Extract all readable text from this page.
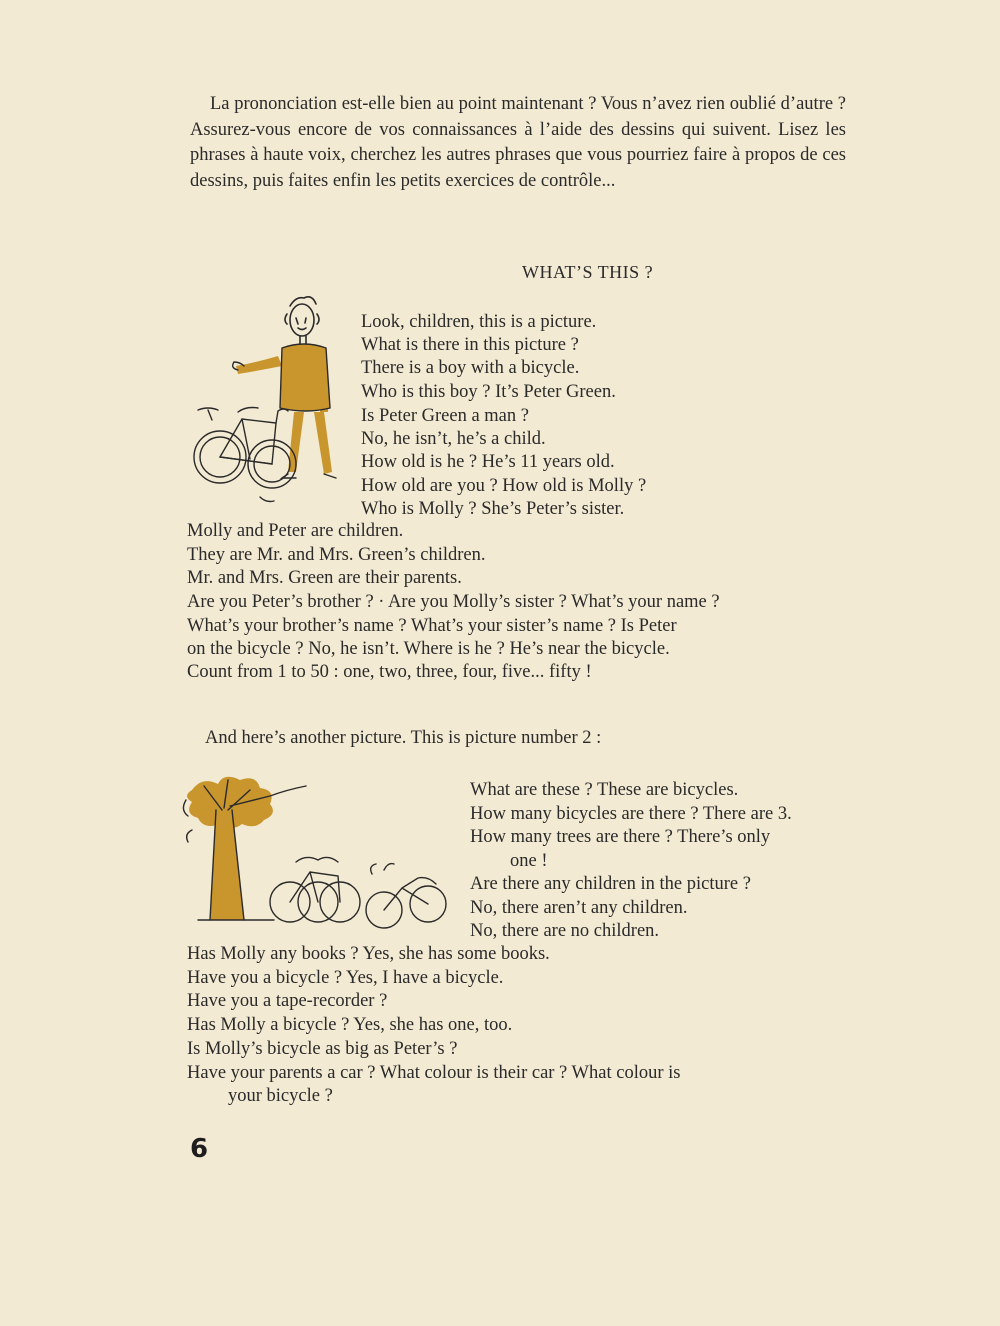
La prononciation est-elle bien au point maintenant ? Vous n’avez rien oublié d’autre ? Assurez-vous encore de vos connaissances à l’aide des dessins qui suivent. Lisez les phrases à haute voix, cherchez les autres phrases que vous pourriez faire à propos de ces dessins, puis faites enfin les petits exercices de contrôle...

WHAT’S THIS ?

Look, children, this is a picture.

What is there in this picture ?

There is a boy with a bicycle.

Who is this boy ? It’s Peter Green.

Is Peter Green a man ?

No, he isn’t, he’s a child.

How old is he ? He’s 11 years old.

How old are you ? How old is Molly ?

Who is Molly ? She’s Peter’s sister.

Molly and Peter are children.

They are Mr. and Mrs. Green’s children.

Mr. and Mrs. Green are their parents.

Are you Peter’s brother ? · Are you Molly’s sister ? What’s your name ?

What’s your brother’s name ? What’s your sister’s name ? Is Peter

on the bicycle ? No, he isn’t. Where is he ? He’s near the bicycle.

Count from 1 to 50 : one, two, three, four, five... fifty !

And here’s another picture. This is picture number 2 :

What are these ? These are bicycles.

How many bicycles are there ? There are 3.

How many trees are there ? There’s only

one !

Are there any children in the picture ?

No, there aren’t any children.

No, there are no children.

Has Molly any books ? Yes, she has some books.

Have you a bicycle ? Yes, I have a bicycle.

Have you a tape-recorder ?

Has Molly a bicycle ? Yes, she has one, too.

Is Molly’s bicycle as big as Peter’s ?

Have your parents a car ? What colour is their car ? What colour is

your bicycle ?

6
